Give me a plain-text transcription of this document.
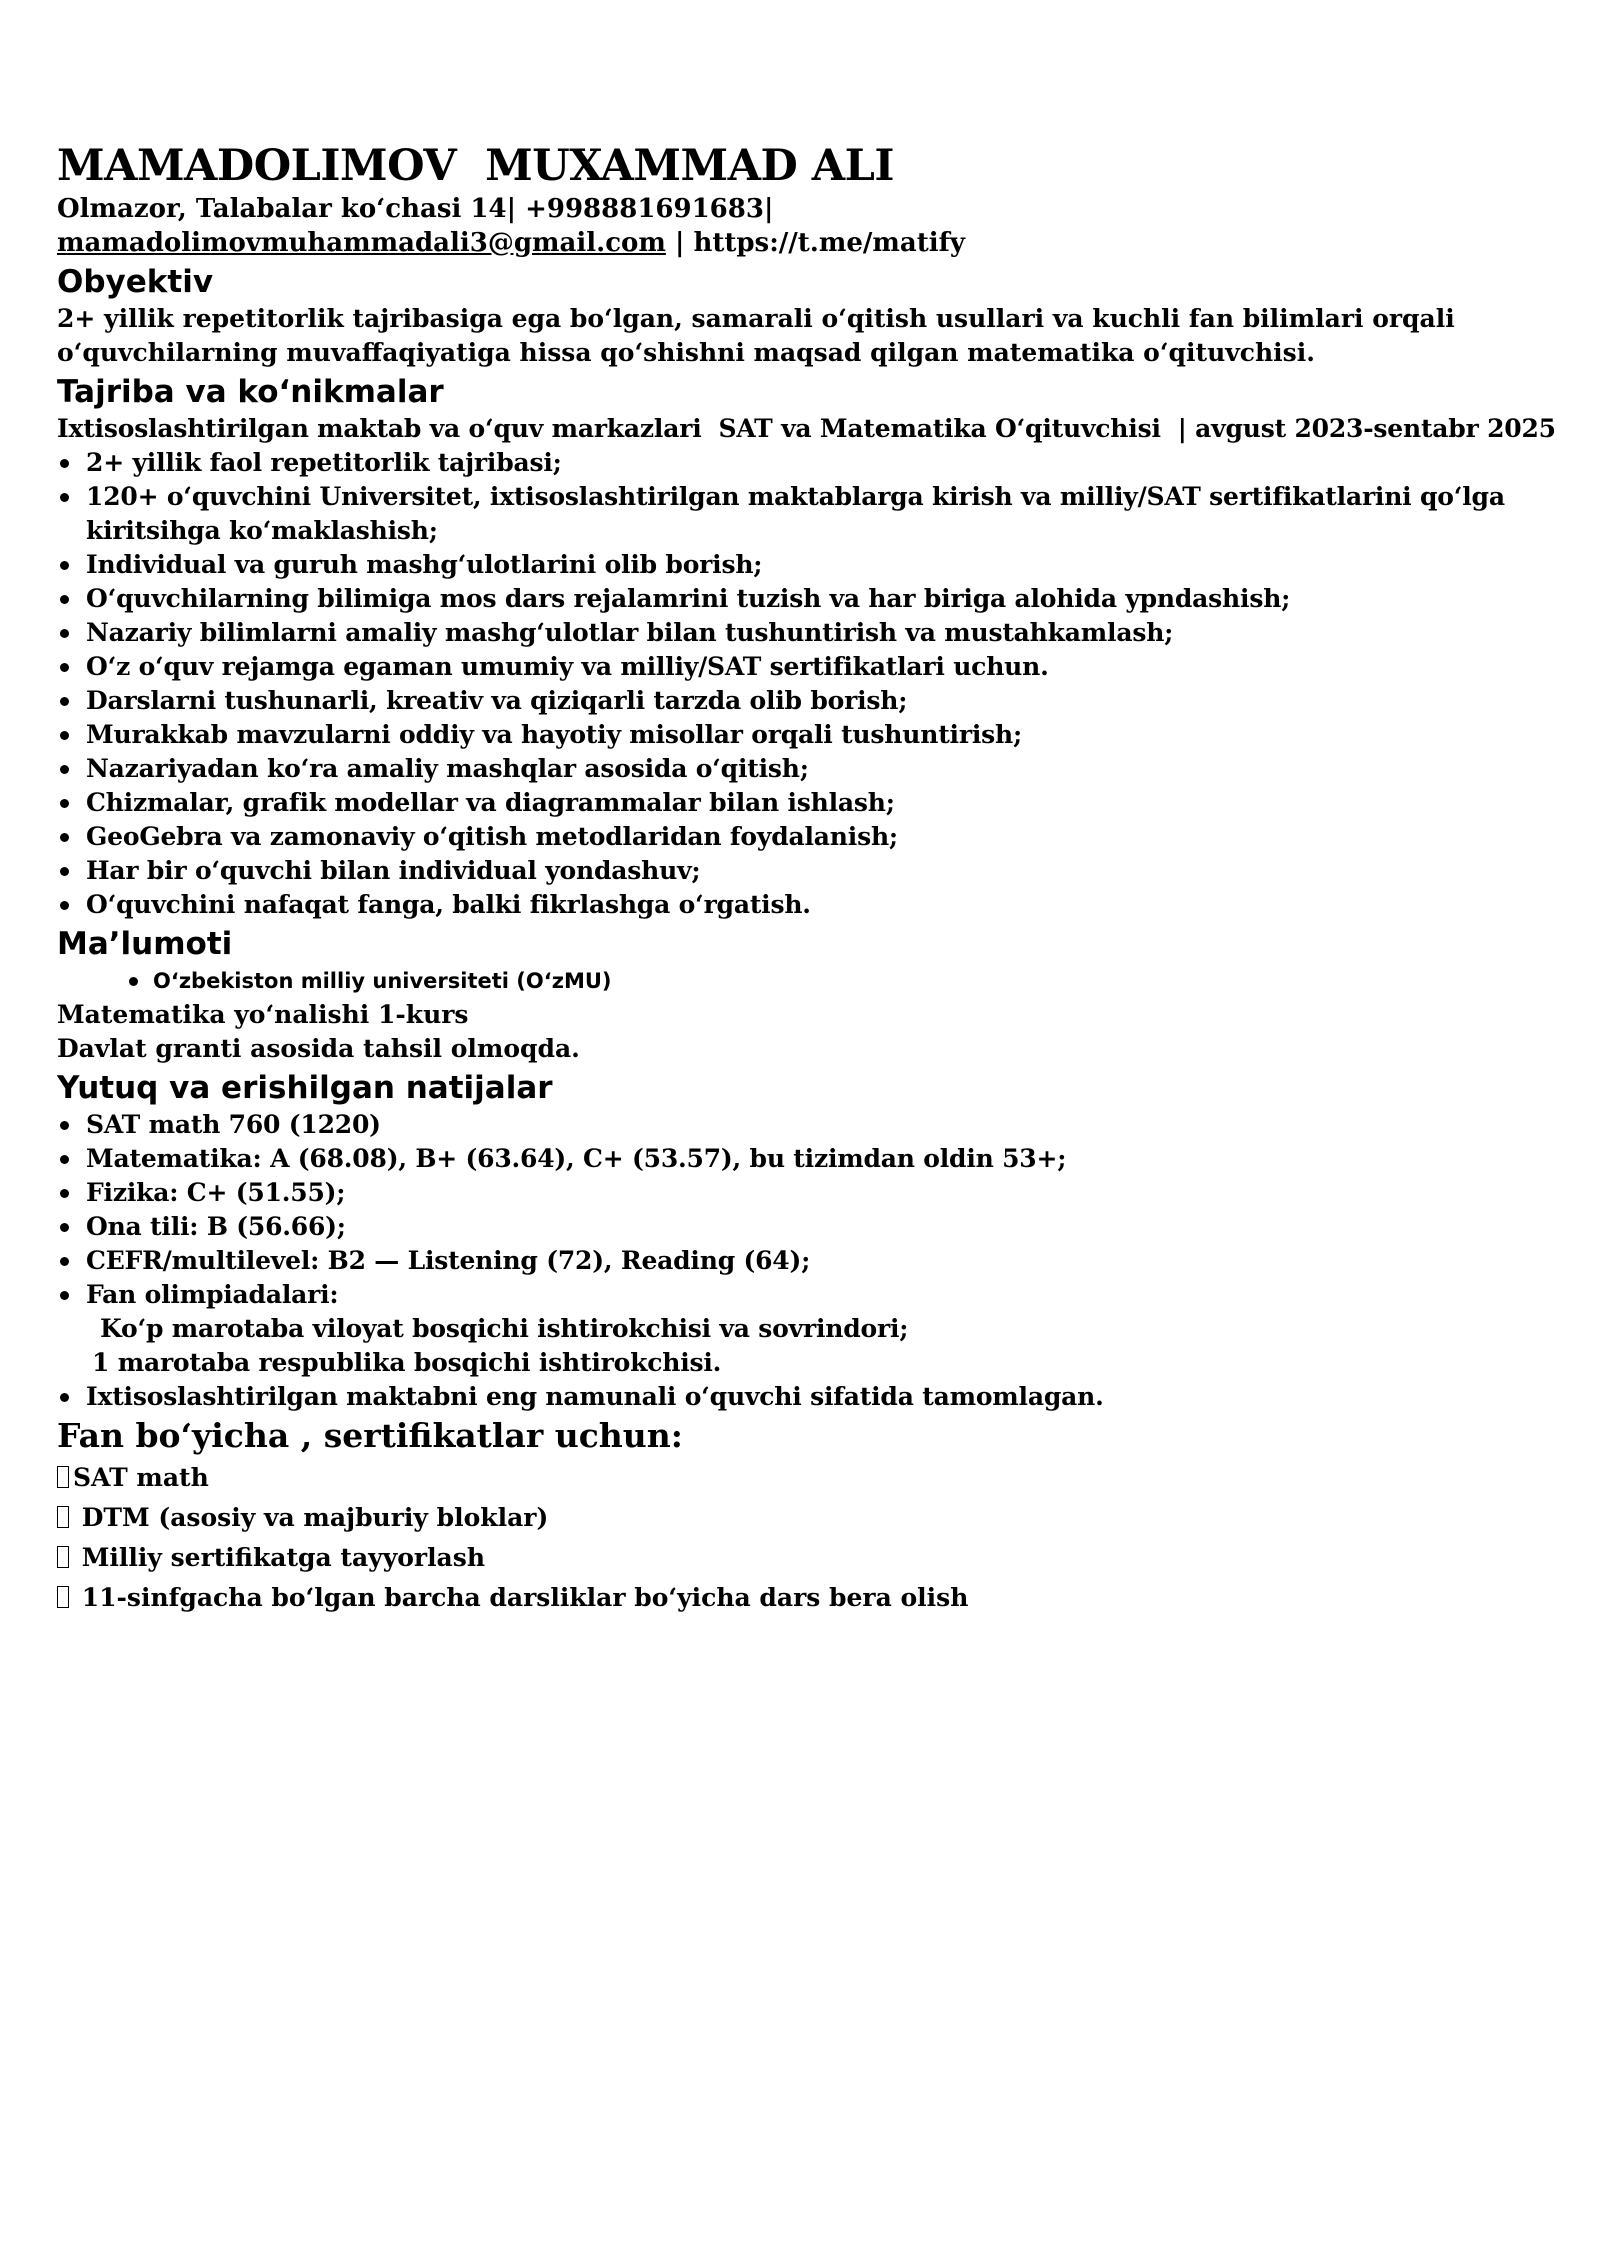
MAMADOLIMOV  MUXAMMAD ALI
Olmazor, Talabalar ko‘chasi 14| +998881691683|
mamadolimovmuhammadali3@gmail.com | https://t.me/matify
Obyektiv
2+ yillik repetitorlik tajribasiga ega bo‘lgan, samarali o‘qitish usullari va kuchli fan bilimlari orqali o‘quvchilarning muvaffaqiyatiga hissa qo‘shishni maqsad qilgan matematika o‘qituvchisi.
Tajriba va ko‘nikmalar
Ixtisoslashtirilgan maktab va o‘quv markazlari  SAT va Matematika O‘qituvchisi  | avgust 2023-sentabr 2025
2+ yillik faol repetitorlik tajribasi;
120+ o‘quvchini Universitet, ixtisoslashtirilgan maktablarga kirish va milliy/SAT sertifikatlarini qo‘lga kiritsihga ko‘maklashish;
Individual va guruh mashg‘ulotlarini olib borish;
O‘quvchilarning bilimiga mos dars rejalamrini tuzish va har biriga alohida ypndashish;
Nazariy bilimlarni amaliy mashg‘ulotlar bilan tushuntirish va mustahkamlash;
O‘z o‘quv rejamga egaman umumiy va milliy/SAT sertifikatlari uchun.
Darslarni tushunarli, kreativ va qiziqarli tarzda olib borish;
Murakkab mavzularni oddiy va hayotiy misollar orqali tushuntirish;
Nazariyadan ko‘ra amaliy mashqlar asosida o‘qitish;
Chizmalar, grafik modellar va diagrammalar bilan ishlash;
GeoGebra va zamonaviy o‘qitish metodlaridan foydalanish;
Har bir o‘quvchi bilan individual yondashuv;
O‘quvchini nafaqat fanga, balki fikrlashga o‘rgatish.
Ma’lumoti
O‘zbekiston milliy universiteti (O‘zMU)
Matematika yo‘nalishi 1-kurs
Davlat granti asosida tahsil olmoqda.
Yutuq va erishilgan natijalar
SAT math 760 (1220)
Matematika: A (68.08), B+ (63.64), C+ (53.57), bu tizimdan oldin 53+;
Fizika: C+ (51.55);
Ona tili: B (56.66);
CEFR/multilevel: B2 — Listening (72), Reading (64);
Fan olimpiadalari:
Ko‘p marotaba viloyat bosqichi ishtirokchisi va sovrindori;
1 marotaba respublika bosqichi ishtirokchisi.
Ixtisoslashtirilgan maktabni eng namunali o‘quvchi sifatida tamomlagan.
Fan bo‘yicha , sertifikatlar uchun:
SAT math
DTM (asosiy va majburiy bloklar)
Milliy sertifikatga tayyorlash
11-sinfgacha bo‘lgan barcha darsliklar bo‘yicha dars bera olish
